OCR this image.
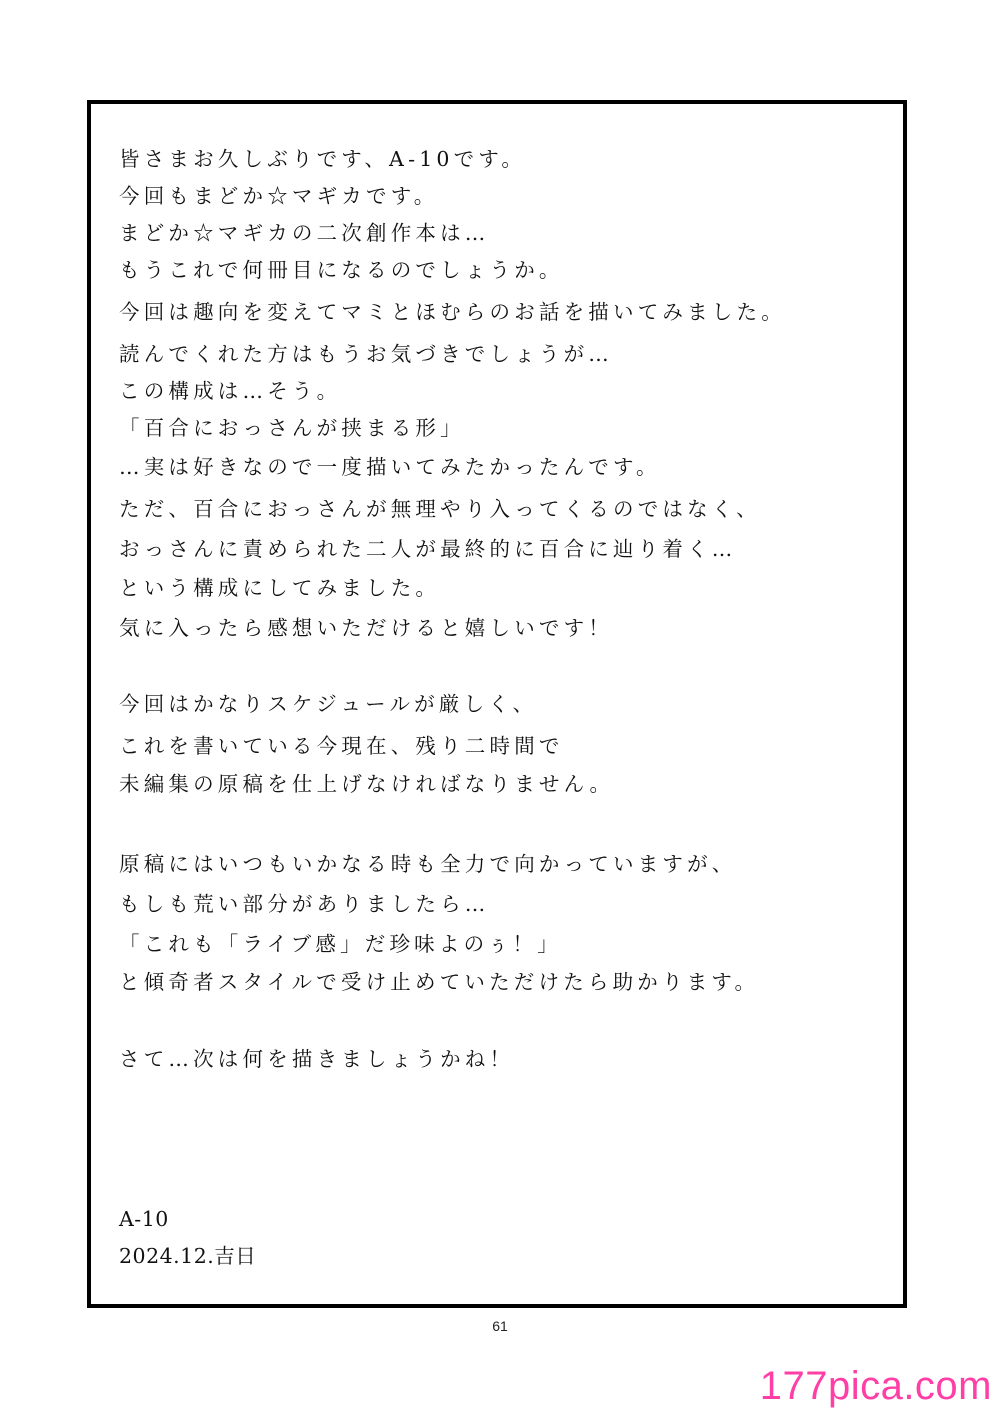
皆さまお久しぶりです、A-10です。
今回もまどか☆マギカです。
まどか☆マギカの二次創作本は…
もうこれで何冊目になるのでしょうか。
今回は趣向を変えてマミとほむらのお話を描いてみました。
読んでくれた方はもうお気づきでしょうが…
この構成は…そう。
「百合におっさんが挟まる形」
…実は好きなので一度描いてみたかったんです。
ただ、百合におっさんが無理やり入ってくるのではなく、
おっさんに責められた二人が最終的に百合に辿り着く…
という構成にしてみました。
気に入ったら感想いただけると嬉しいです！
今回はかなりスケジュールが厳しく、
これを書いている今現在、残り二時間で
未編集の原稿を仕上げなければなりません。
原稿にはいつもいかなる時も全力で向かっていますが、
もしも荒い部分がありましたら…
「これも「ライブ感」だ珍味よのぅ！」
と傾奇者スタイルで受け止めていただけたら助かります。
さて…次は何を描きましょうかね！
A-10
2024.12.吉日
61
177pica.com
